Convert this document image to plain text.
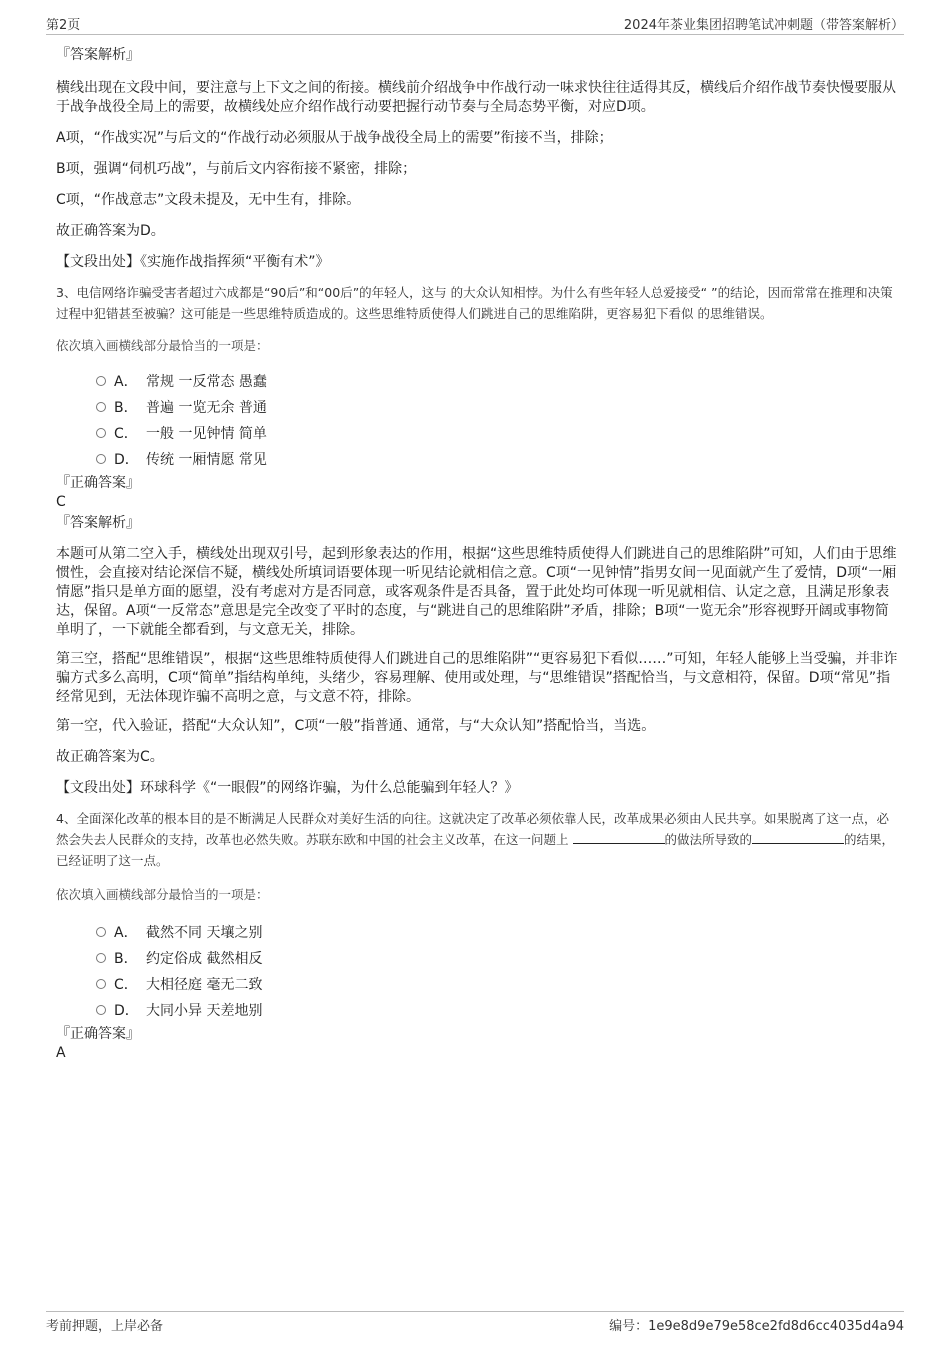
第2页	2024年茶业集团招聘笔试冲刺题（带答案解析）

『答案解析』

横线出现在文段中间，要注意与上下文之间的衔接。横线前介绍战争中作战行动一味求快往往适得其反，横线后介绍作战节奏快慢要服从于战争战役全局上的需要，故横线处应介绍作战行动要把握行动节奏与全局态势平衡，对应D项。

A项，“作战实况”与后文的“作战行动必须服从于战争战役全局上的需要”衔接不当，排除；

B项，强调“伺机巧战”，与前后文内容衔接不紧密，排除；

C项，“作战意志”文段未提及，无中生有，排除。

故正确答案为D。

【文段出处】《实施作战指挥须“平衡有术”》

3、电信网络诈骗受害者超过六成都是“90后”和“00后”的年轻人，这与 的大众认知相悖。为什么有些年轻人总爱接受“ ”的结论，因而常常在推理和决策过程中犯错甚至被骗？这可能是一些思维特质造成的。这些思维特质使得人们跳进自己的思维陷阱，更容易犯下看似 的思维错误。

依次填入画横线部分最恰当的一项是：

A． 常规 一反常态 愚蠢
B． 普遍 一览无余 普通
C． 一般 一见钟情 简单
D． 传统 一厢情愿 常见

『正确答案』

C

『答案解析』

本题可从第二空入手，横线处出现双引号，起到形象表达的作用，根据“这些思维特质使得人们跳进自己的思维陷阱”可知，人们由于思维惯性，会直接对结论深信不疑，横线处所填词语要体现一听见结论就相信之意。C项“一见钟情”指男女间一见面就产生了爱情，D项“一厢情愿”指只是单方面的愿望，没有考虑对方是否同意，或客观条件是否具备，置于此处均可体现一听见就相信、认定之意，且满足形象表达，保留。A项“一反常态”意思是完全改变了平时的态度，与“跳进自己的思维陷阱”矛盾，排除；B项“一览无余”形容视野开阔或事物简单明了，一下就能全都看到，与文意无关，排除。

第三空，搭配“思维错误”，根据“这些思维特质使得人们跳进自己的思维陷阱”“更容易犯下看似……”可知，年轻人能够上当受骗，并非诈骗方式多么高明，C项“简单”指结构单纯，头绪少，容易理解、使用或处理，与“思维错误”搭配恰当，与文意相符，保留。D项“常见”指经常见到，无法体现诈骗不高明之意，与文意不符，排除。

第一空，代入验证，搭配“大众认知”，C项“一般”指普通、通常，与“大众认知”搭配恰当，当选。

故正确答案为C。

【文段出处】环球科学《“一眼假”的网络诈骗，为什么总能骗到年轻人？》

4、全面深化改革的根本目的是不断满足人民群众对美好生活的向往。这就决定了改革必须依靠人民，改革成果必须由人民共享。如果脱离了这一点，必然会失去人民群众的支持，改革也必然失败。苏联东欧和中国的社会主义改革，在这一问题上	的做法所导致的	的结果，已经证明了这一点。

依次填入画横线部分最恰当的一项是：

A． 截然不同 天壤之别
B． 约定俗成 截然相反
C． 大相径庭 毫无二致
D． 大同小异 天差地别

『正确答案』

A

考前押题，上岸必备	编号：1e9e8d9e79e58ce2fd8d6cc4035d4a94
